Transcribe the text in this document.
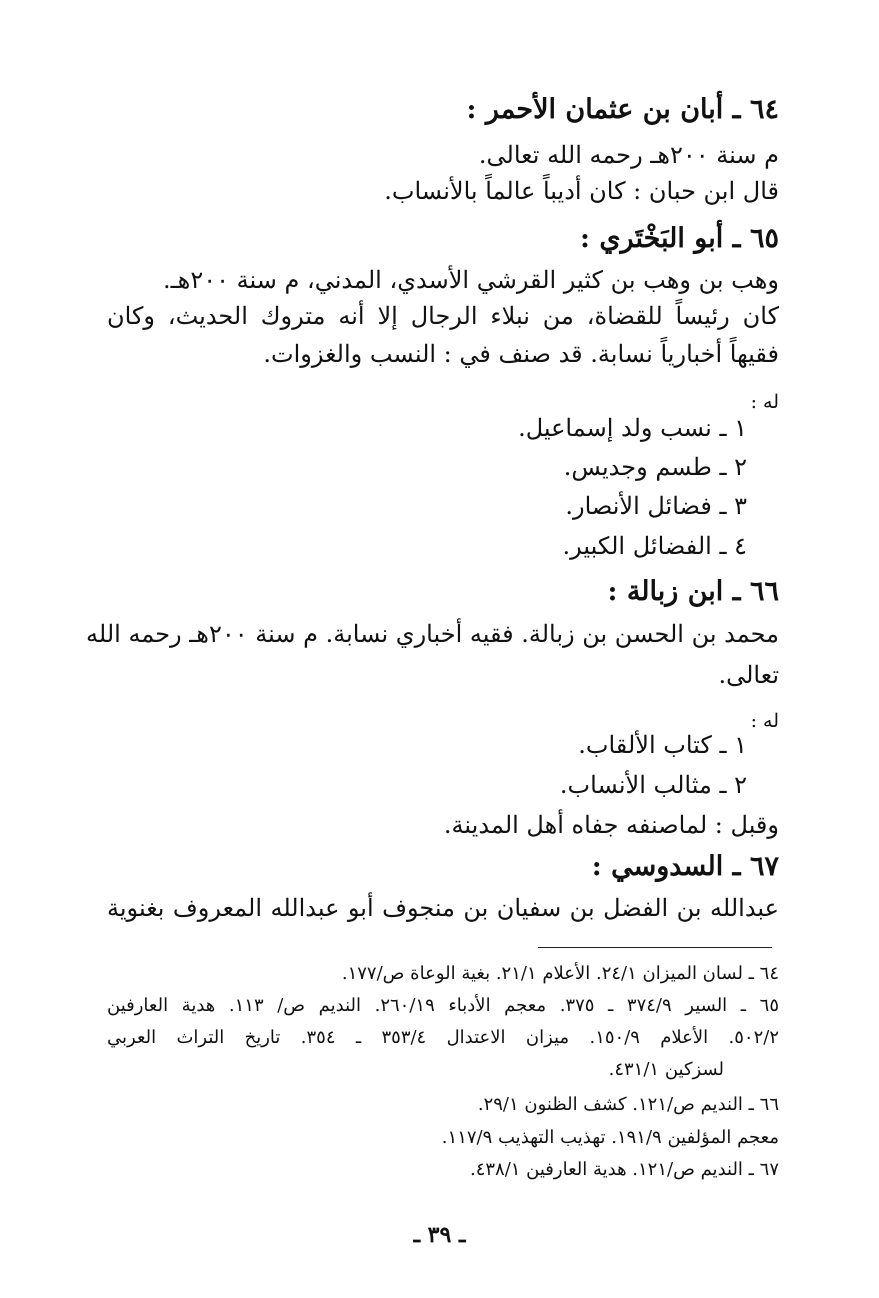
٦٤ ـ أبان بن عثمان الأحمر :

م سنة ٢٠٠هـ رحمه الله تعالى.

قال ابن حبان : كان أديباً عالماً بالأنساب.

٦٥ ـ أبو البَخْتَري :

وهب بن وهب بن كثير القرشي الأسدي، المدني، م سنة ٢٠٠هـ.

كان رئيساً للقضاة، من نبلاء الرجال إلا أنه متروك الحديث، وكان

فقيهاً أخبارياً نسابة. قد صنف في : النسب والغزوات.

له :

١ ـ نسب ولد إسماعيل.

٢ ـ طسم وجديس.

٣ ـ فضائل الأنصار.

٤ ـ الفضائل الكبير.

٦٦ ـ ابن زبالة :

محمد بن الحسن بن زبالة. فقيه أخباري نسابة. م سنة ٢٠٠هـ رحمه الله

تعالى.

له :

١ ـ كتاب الألقاب.

٢ ـ مثالب الأنساب.

وقبل : لماصنفه جفاه أهل المدينة.

٦٧ ـ السدوسي :

عبدالله بن الفضل بن سفيان بن منجوف أبو عبدالله المعروف بغنوية

٦٤ ـ لسان الميزان ٢٤/١. الأعلام ٢١/١. بغية الوعاة ص/١٧٧.

٦٥ ـ السير ٣٧٤/٩ ـ ٣٧٥. معجم الأدباء ٢٦٠/١٩. النديم ص/ ١١٣. هدية العارفين

٥٠٢/٢. الأعلام ١٥٠/٩. ميزان الاعتدال ٣٥٣/٤ ـ ٣٥٤. تاريخ التراث العربي

لسزكين ٤٣١/١.

٦٦ ـ النديم ص/١٢١. كشف الظنون ٢٩/١.

معجم المؤلفين ١٩١/٩. تهذيب التهذيب ١١٧/٩.

٦٧ ـ النديم ص/١٢١. هدية العارفين ٤٣٨/١.

ـ ٣٩ ـ
